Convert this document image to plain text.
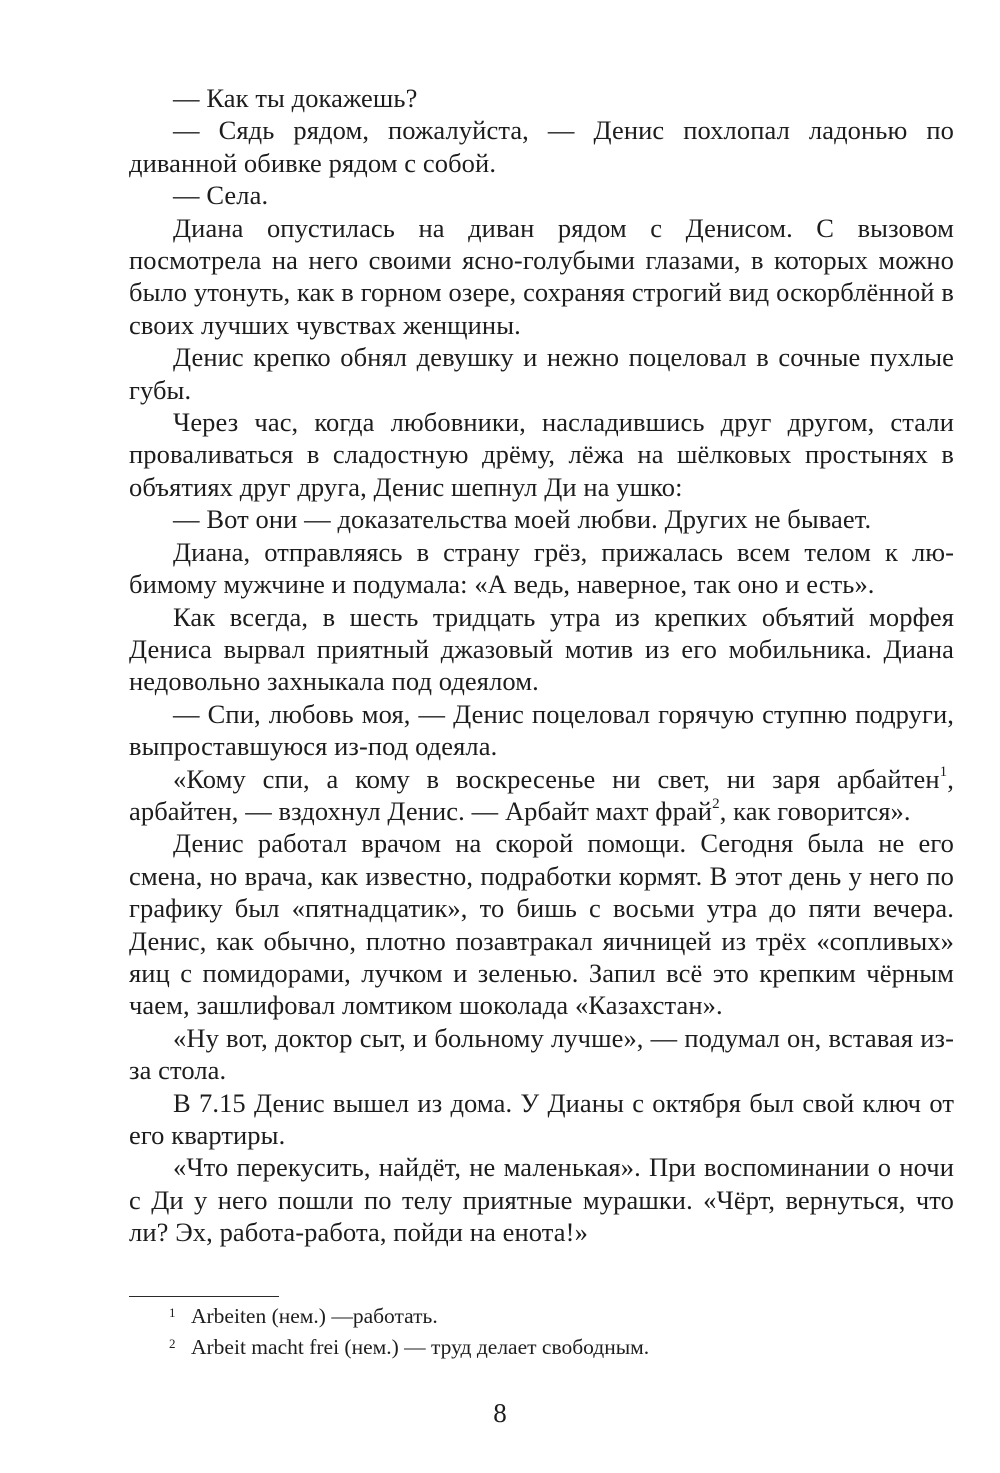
— Как ты докажешь?

— Сядь рядом, пожалуйста, — Денис похлопал ладонью по диванной обивке рядом с собой.

— Села.

Диана опустилась на диван рядом с Денисом. С вызовом посмотрела на него своими ясно-голубыми глазами, в которых можно было утонуть, как в горном озере, сохраняя строгий вид оскорблённой в своих лучших чувствах женщины.

Денис крепко обнял девушку и нежно поцеловал в сочные пухлые губы.

Через час, когда любовники, насладившись друг другом, стали проваливаться в сладостную дрёму, лёжа на шёлковых простынях в объятиях друг друга, Денис шепнул Ди на ушко:

— Вот они — доказательства моей любви. Других не бывает.

Диана, отправляясь в страну грёз, прижалась всем телом к любимому мужчине и подумала: «А ведь, наверное, так оно и есть».

Как всегда, в шесть тридцать утра из крепких объятий морфея Дениса вырвал приятный джазовый мотив из его мобильника. Диана недовольно захныкала под одеялом.

— Спи, любовь моя, — Денис поцеловал горячую ступню подруги, выпроставшуюся из-под одеяла.

«Кому спи, а кому в воскресенье ни свет, ни заря арбайтен$^1$, арбайтен, — вздохнул Денис. — Арбайт махт фрай$^2$, как говорится».

Денис работал врачом на скорой помощи. Сегодня была не его смена, но врача, как известно, подработки кормят. В этот день у него по графику был «пятнадцатик», то бишь с восьми утра до пяти вечера. Денис, как обычно, плотно позавтракал яичницей из трёх «сопливых» яиц с помидорами, лучком и зеленью. Запил всё это крепким чёрным чаем, зашлифовал ломтиком шоколада «Казахстан».

«Ну вот, доктор сыт, и больному лучше», — подумал он, вставая из-за стола.

В 7.15 Денис вышел из дома. У Дианы с октября был свой ключ от его квартиры.

«Что перекусить, найдёт, не маленькая». При воспоминании о ночи с Ди у него пошли по телу приятные мурашки. «Чёрт, вернуться, что ли? Эх, работа-работа, пойди на енота!»

1 Arbeiten (нем.) —работать.

2 Arbeit macht frei (нем.) — труд делает свободным.

8
